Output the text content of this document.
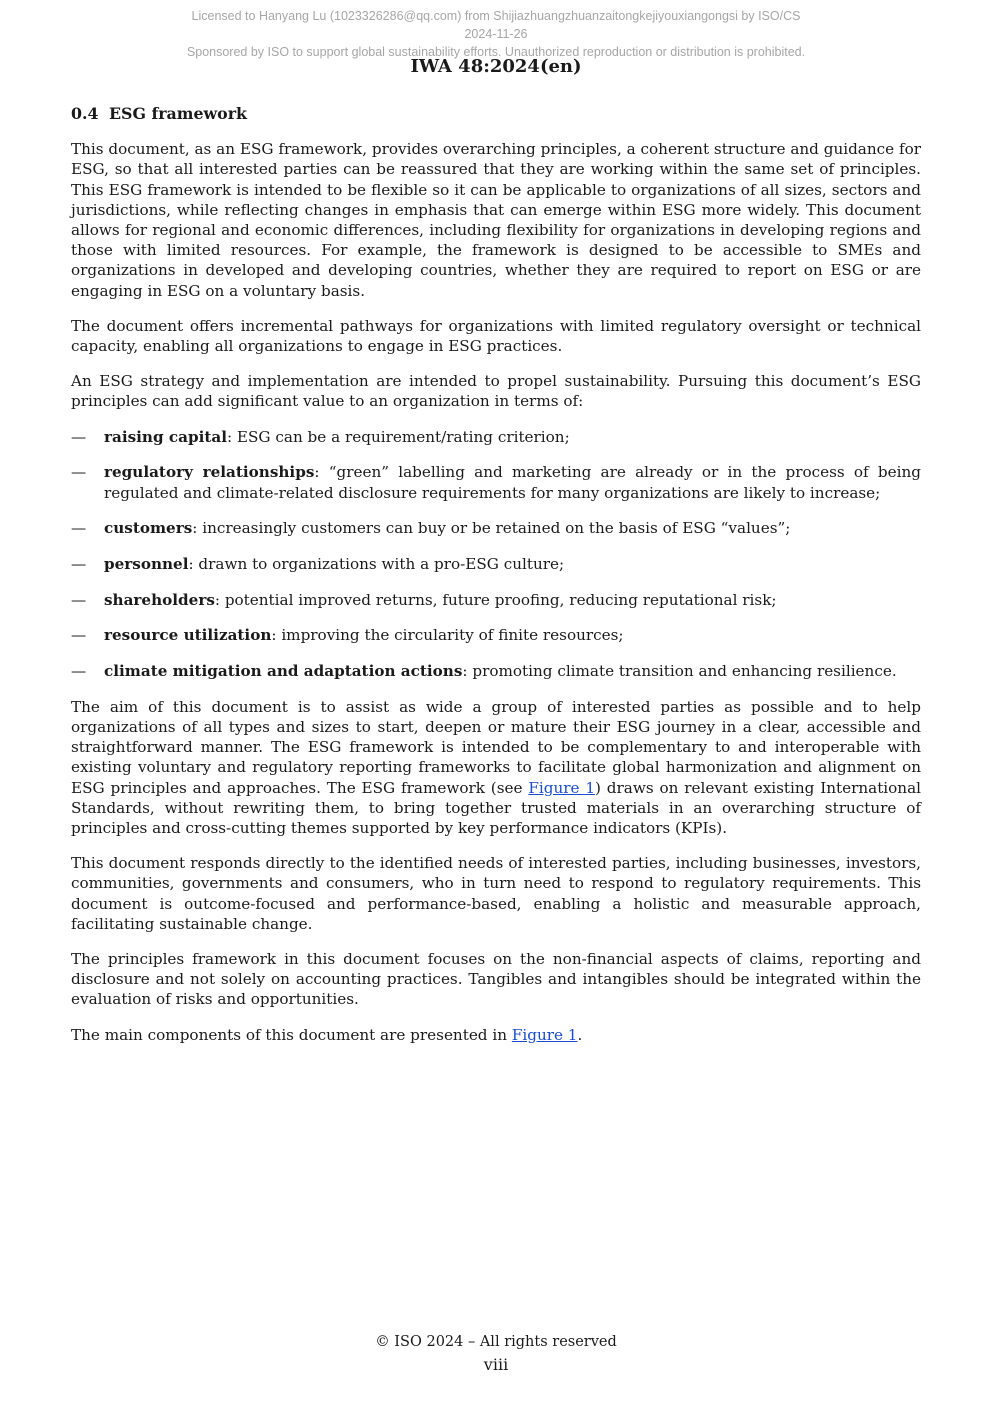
Licensed to Hanyang Lu (1023326286@qq.com) from Shijiazhuangzhuanzaitongkejiyouxiangongsi by ISO/CS
2024-11-26
Sponsored by ISO to support global sustainability efforts. Unauthorized reproduction or distribution is prohibited.
IWA 48:2024(en)
0.4 ESG framework

This document, as an ESG framework, provides overarching principles, a coherent structure and guidance for ESG, so that all interested parties can be reassured that they are working within the same set of principles. This ESG framework is intended to be flexible so it can be applicable to organizations of all sizes, sectors and jurisdictions, while reflecting changes in emphasis that can emerge within ESG more widely. This document allows for regional and economic differences, including flexibility for organizations in developing regions and those with limited resources. For example, the framework is designed to be accessible to SMEs and organizations in developed and developing countries, whether they are required to report on ESG or are engaging in ESG on a voluntary basis.

The document offers incremental pathways for organizations with limited regulatory oversight or technical capacity, enabling all organizations to engage in ESG practices.

An ESG strategy and implementation are intended to propel sustainability. Pursuing this document’s ESG principles can add significant value to an organization in terms of:

— raising capital: ESG can be a requirement/rating criterion;
— regulatory relationships: “green” labelling and marketing are already or in the process of being regulated and climate-related disclosure requirements for many organizations are likely to increase;
— customers: increasingly customers can buy or be retained on the basis of ESG “values”;
— personnel: drawn to organizations with a pro-ESG culture;
— shareholders: potential improved returns, future proofing, reducing reputational risk;
— resource utilization: improving the circularity of finite resources;
— climate mitigation and adaptation actions: promoting climate transition and enhancing resilience.

The aim of this document is to assist as wide a group of interested parties as possible and to help organizations of all types and sizes to start, deepen or mature their ESG journey in a clear, accessible and straightforward manner. The ESG framework is intended to be complementary to and interoperable with existing voluntary and regulatory reporting frameworks to facilitate global harmonization and alignment on ESG principles and approaches. The ESG framework (see Figure 1) draws on relevant existing International Standards, without rewriting them, to bring together trusted materials in an overarching structure of principles and cross-cutting themes supported by key performance indicators (KPIs).

This document responds directly to the identified needs of interested parties, including businesses, investors, communities, governments and consumers, who in turn need to respond to regulatory requirements. This document is outcome-focused and performance-based, enabling a holistic and measurable approach, facilitating sustainable change.

The principles framework in this document focuses on the non-financial aspects of claims, reporting and disclosure and not solely on accounting practices. Tangibles and intangibles should be integrated within the evaluation of risks and opportunities.

The main components of this document are presented in Figure 1.

© ISO 2024 – All rights reserved
viii
